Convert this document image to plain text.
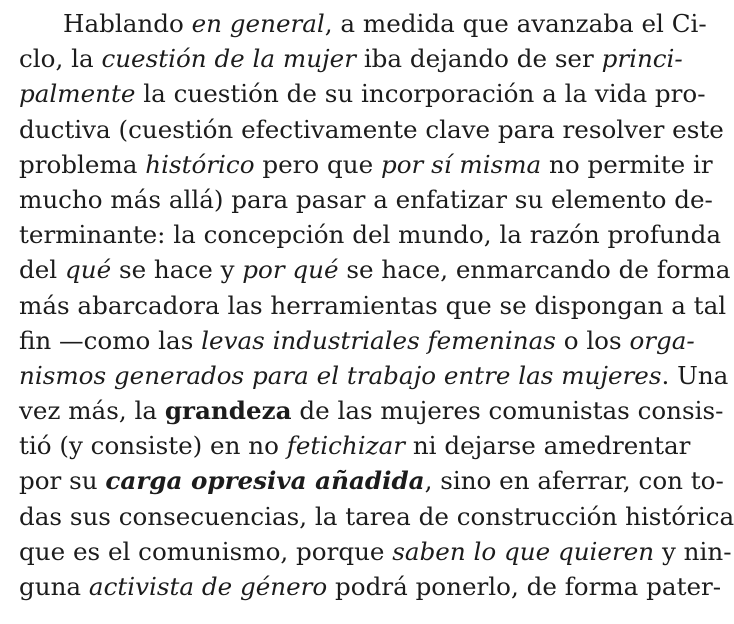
Hablando en general, a medida que avanzaba el Ci-
clo, la cuestión de la mujer iba dejando de ser princi-
palmente la cuestión de su incorporación a la vida pro-
ductiva (cuestión efectivamente clave para resolver este
problema histórico pero que por sí misma no permite ir
mucho más allá) para pasar a enfatizar su elemento de-
terminante: la concepción del mundo, la razón profunda
del qué se hace y por qué se hace, enmarcando de forma
más abarcadora las herramientas que se dispongan a tal
fin —como las levas industriales femeninas o los orga-
nismos generados para el trabajo entre las mujeres. Una
vez más, la grandeza de las mujeres comunistas consis-
tió (y consiste) en no fetichizar ni dejarse amedrentar
por su carga opresiva añadida, sino en aferrar, con to-
das sus consecuencias, la tarea de construcción histórica
que es el comunismo, porque saben lo que quieren y nin-
guna activista de género podrá ponerlo, de forma pater-
